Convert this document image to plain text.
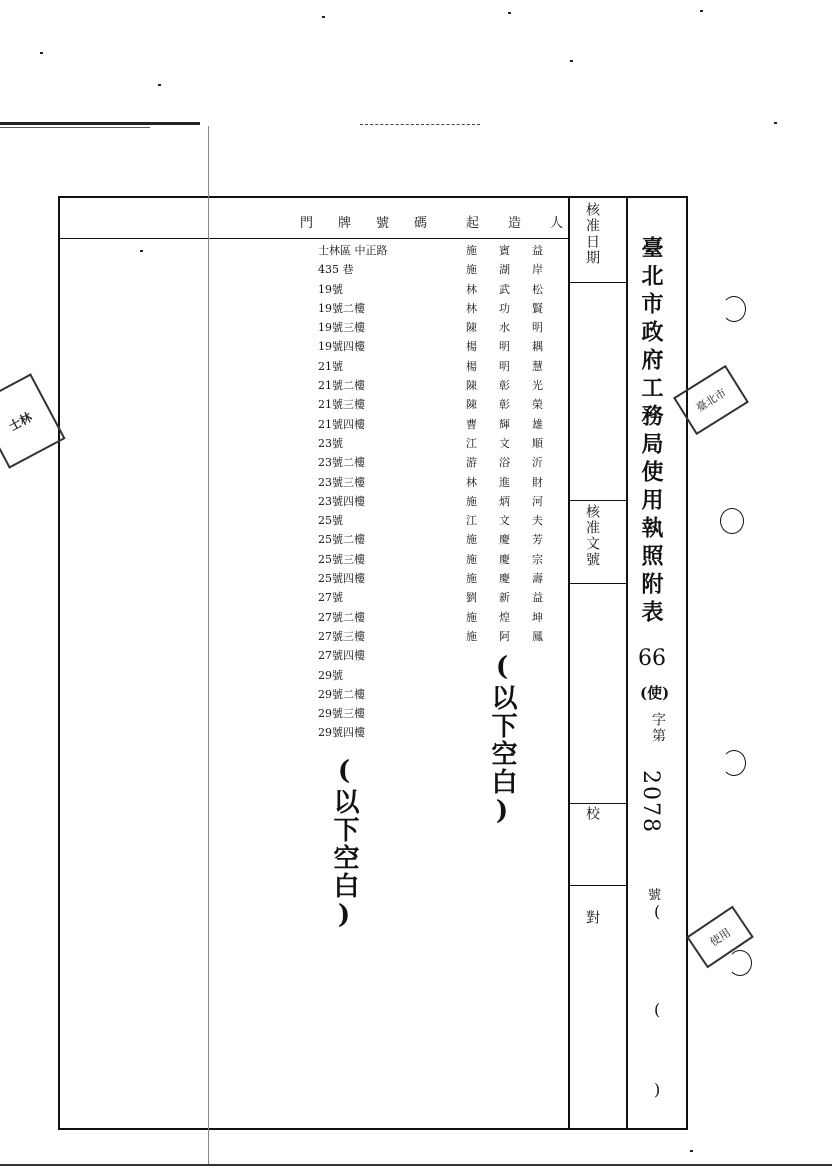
門　牌　號　碼	起　造　人 核准日期
核准文號
校　對
臺北市政府工務局使用執照附表
66
(使)
字第
2078
號
(
(
)
士林區 中正路
435 巷
19號
19號二樓
19號三樓
19號四樓
21號
21號二樓
21號三樓
21號四樓
23號
23號二樓
23號三樓
23號四樓
25號
25號二樓
25號三樓
25號四樓
27號
27號二樓
27號三樓
27號四樓
29號
29號二樓
29號三樓
29號四樓
施賓益
施湖岸
林武松
林功賢
陳水明
楊明耦
楊明慧
陳彰光
陳彰榮
曹輝雄
江文順
游浴沂
林進財
施炳河
江文夫
施慶芳
施慶宗
施慶壽
劉新益
施煌坤
施阿鳳
(以下空白)
(以下空白)
士林
臺北市
使用
